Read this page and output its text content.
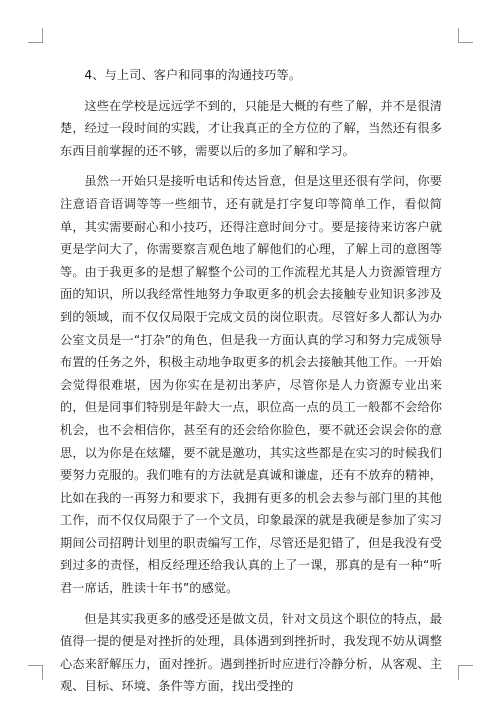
4、与上司、客户和同事的沟通技巧等。

这些在学校是远远学不到的，只能是大概的有些了解，并不是很清楚，经过一段时间的实践，才让我真正的全方位的了解，当然还有很多东西目前掌握的还不够，需要以后的多加了解和学习。

虽然一开始只是接听电话和传达旨意，但是这里还很有学问，你要注意语音语调等等一些细节，还有就是打字复印等简单工作，看似简单，其实需要耐心和小技巧，还得注意时间分寸。要是接待来访客户就更是学问大了，你需要察言观色地了解他们的心理，了解上司的意图等等。由于我更多的是想了解整个公司的工作流程尤其是人力资源管理方面的知识，所以我经常性地努力争取更多的机会去接触专业知识多涉及到的领域，而不仅仅局限于完成文员的岗位职责。尽管好多人都认为办公室文员是一“打杂”的角色，但是我一方面认真的学习和努力完成领导布置的任务之外，积极主动地争取更多的机会去接触其他工作。一开始会觉得很难堪，因为你实在是初出茅庐，尽管你是人力资源专业出来的，但是同事们特别是年龄大一点，职位高一点的员工一般都不会给你机会，也不会相信你，甚至有的还会给你脸色，要不就还会误会你的意思，以为你是在炫耀，要不就是邀功，其实这些都是在实习的时候我们要努力克服的。我们唯有的方法就是真诚和谦虚，还有不放弃的精神，比如在我的一再努力和要求下，我拥有更多的机会去参与部门里的其他工作，而不仅仅局限于了一个文员，印象最深的就是我硬是参加了实习期间公司招聘计划里的职责编写工作，尽管还是犯错了，但是我没有受到过多的责怪，相反经理还给我认真的上了一课，那真的是有一种“听君一席话，胜读十年书”的感觉。

但是其实我更多的感受还是做文员，针对文员这个职位的特点，最值得一提的便是对挫折的处理，具体遇到到挫折时，我发现不妨从调整心态来舒解压力，面对挫折。遇到挫折时应进行冷静分析，从客观、主观、目标、环境、条件等方面，找出受挫的
